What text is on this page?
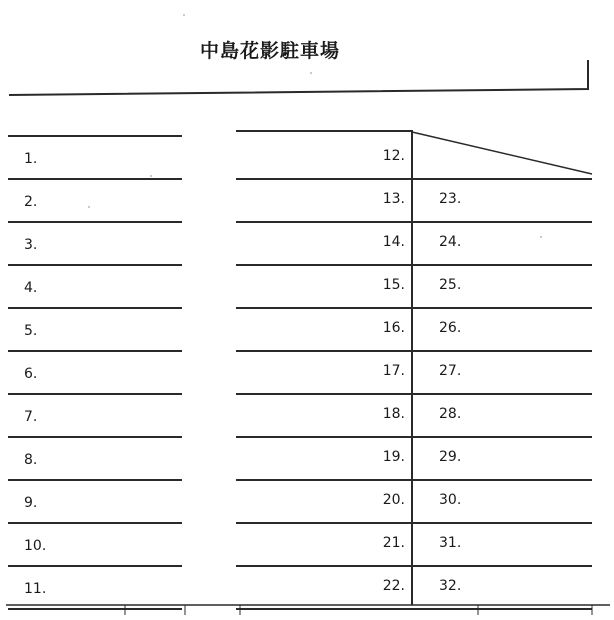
中島花影駐車場
1.
2.
3.
4.
5.
6.
7.
8.
9.
10.
11.
12.
13.
14.
15.
16.
17.
18.
19.
20.
21.
22.
23.
24.
25.
26.
27.
28.
29.
30.
31.
32.
